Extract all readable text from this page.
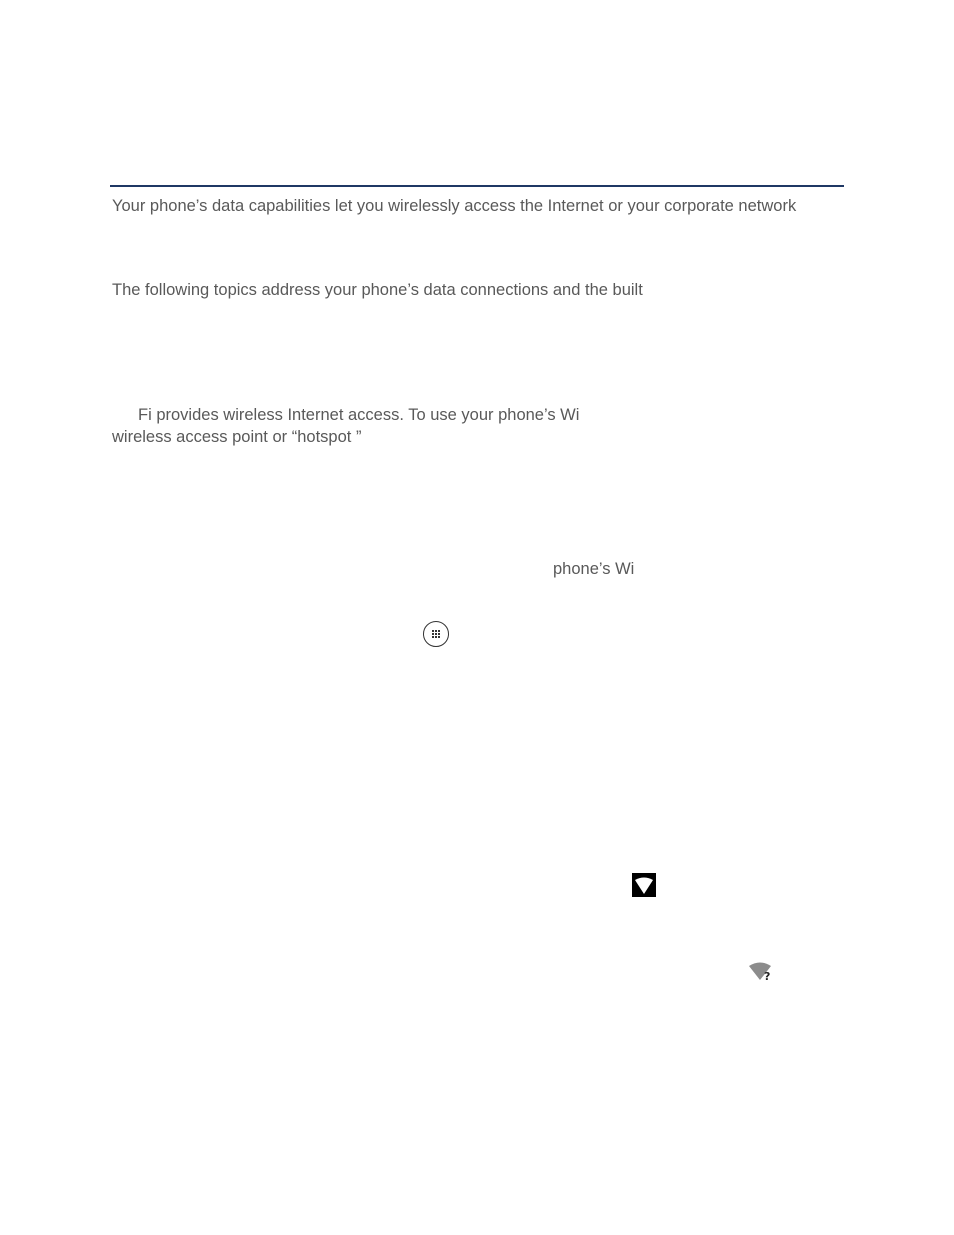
Your phone’s data capabilities let you wirelessly access the Internet or your corporate network
The following topics address your phone’s data connections and the built
Fi provides wireless Internet access. To use your phone’s Wi
wireless access point or “hotspot ”
phone’s Wi
?
